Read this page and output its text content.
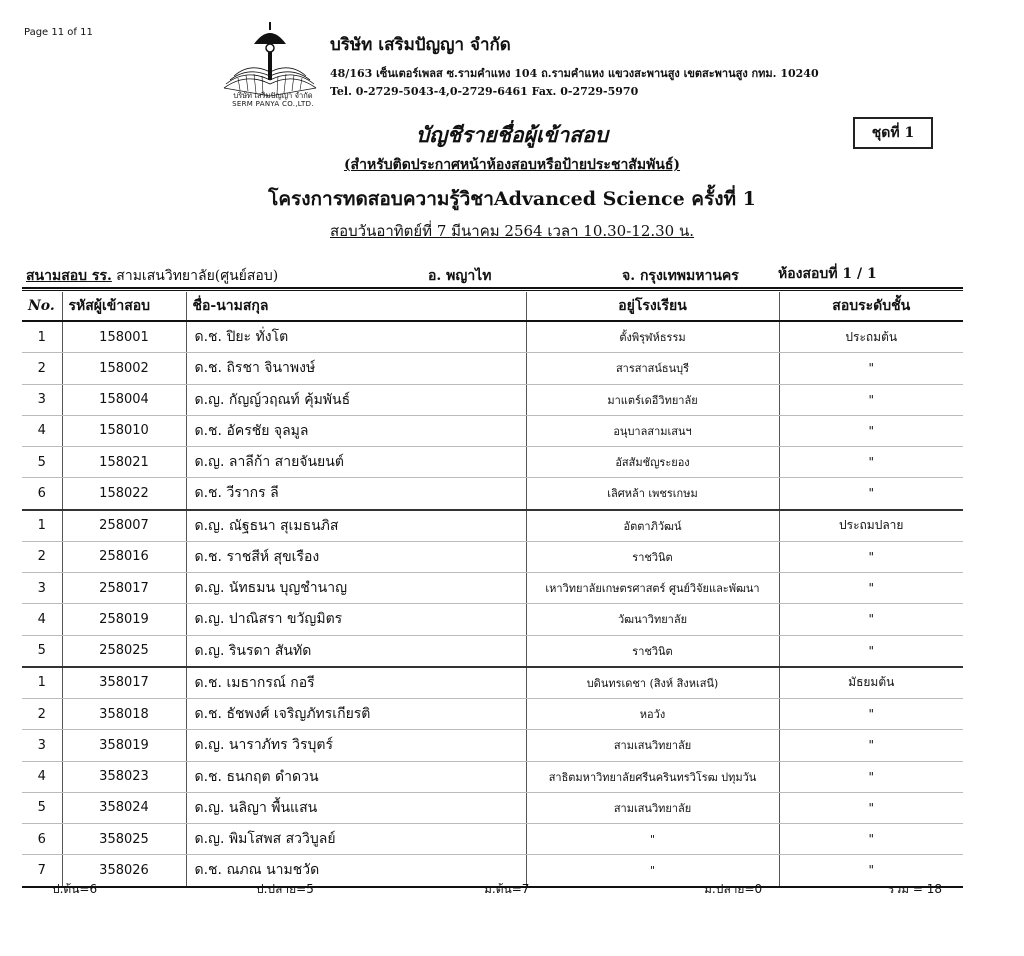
Page 11 of 11
บริษัท เสริมปัญญา จำกัด
SERM PANYA CO.,LTD.
บริษัท เสริมปัญญา จำกัด
48/163 เซ็นเตอร์เพลส ซ.รามคำแหง 104 ถ.รามคำแหง แขวงสะพานสูง เขตสะพานสูง กทม. 10240
Tel. 0-2729-5043-4,0-2729-6461 Fax. 0-2729-5970
บัญชีรายชื่อผู้เข้าสอบ	ชุดที่ 1
(สำหรับติดประกาศหน้าห้องสอบหรือป้ายประชาสัมพันธ์)
โครงการทดสอบความรู้วิชาAdvanced Science ครั้งที่ 1
สอบวันอาทิตย์ที่ 7 มีนาคม 2564 เวลา 10.30-12.30 น.
สนามสอบ รร. สามเสนวิทยาลัย(ศูนย์สอบ)	อ. พญาไท	จ. กรุงเทพมหานคร	ห้องสอบที่ 1 / 1
No.	รหัสผู้เข้าสอบ	ชื่อ-นามสกุล	อยู่โรงเรียน	สอบระดับชั้น
1	158001	ด.ช. ปิยะ ทั่งโต	ตั้งพิรุฬห์ธรรม	ประถมต้น
2	158002	ด.ช. ถิรชา จินาพงษ์	สารสาสน์ธนบุรี	"
3	158004	ด.ญ. กัญญ์วฤณท์ คุ้มพันธ์	มาแตร์เดอีวิทยาลัย	"
4	158010	ด.ช. อัครชัย จุลมูล	อนุบาลสามเสนฯ	"
5	158021	ด.ญ. ลาลีก้า สายจันยนต์	อัสสัมชัญระยอง	"
6	158022	ด.ช. วีรากร ลี	เลิศหล้า เพชรเกษม	"
1	258007	ด.ญ. ณัฐธนา สุเมธนภิส	อัตตาภิวัฒน์	ประถมปลาย
2	258016	ด.ช. ราชสีห์ สุขเรือง	ราชวินิต	"
3	258017	ด.ญ. นัทธมน บุญชำนาญ	เหาวิทยาลัยเกษตรศาสตร์ ศูนย์วิจัยและพัฒนา	"
4	258019	ด.ญ. ปาณิสรา ขวัญมิตร	วัฒนาวิทยาลัย	"
5	258025	ด.ญ. รินรดา สันทัด	ราชวินิต	"
1	358017	ด.ช. เมธากรณ์ กอรี	บดินทรเดชา (สิงห์ สิงหเสนี)	มัธยมต้น
2	358018	ด.ช. ธัชพงศ์ เจริญภัทรเกียรติ	หอวัง	"
3	358019	ด.ญ. นาราภัทร วิรบุตร์	สามเสนวิทยาลัย	"
4	358023	ด.ช. ธนกฤต ดำดวน	สาธิตมหาวิทยาลัยศรีนครินทรวิโรฒ ปทุมวัน	"
5	358024	ด.ญ. นลิญา พื้นแสน	สามเสนวิทยาลัย	"
6	358025	ด.ญ. พิมโสพส สววิบูลย์	"	"
7	358026	ด.ช. ณภณ นามชวัด	"	"
ป.ต้น=6	ป.ปลาย=5	ม.ต้น=7	ม.ปลาย=0	รวม = 18
